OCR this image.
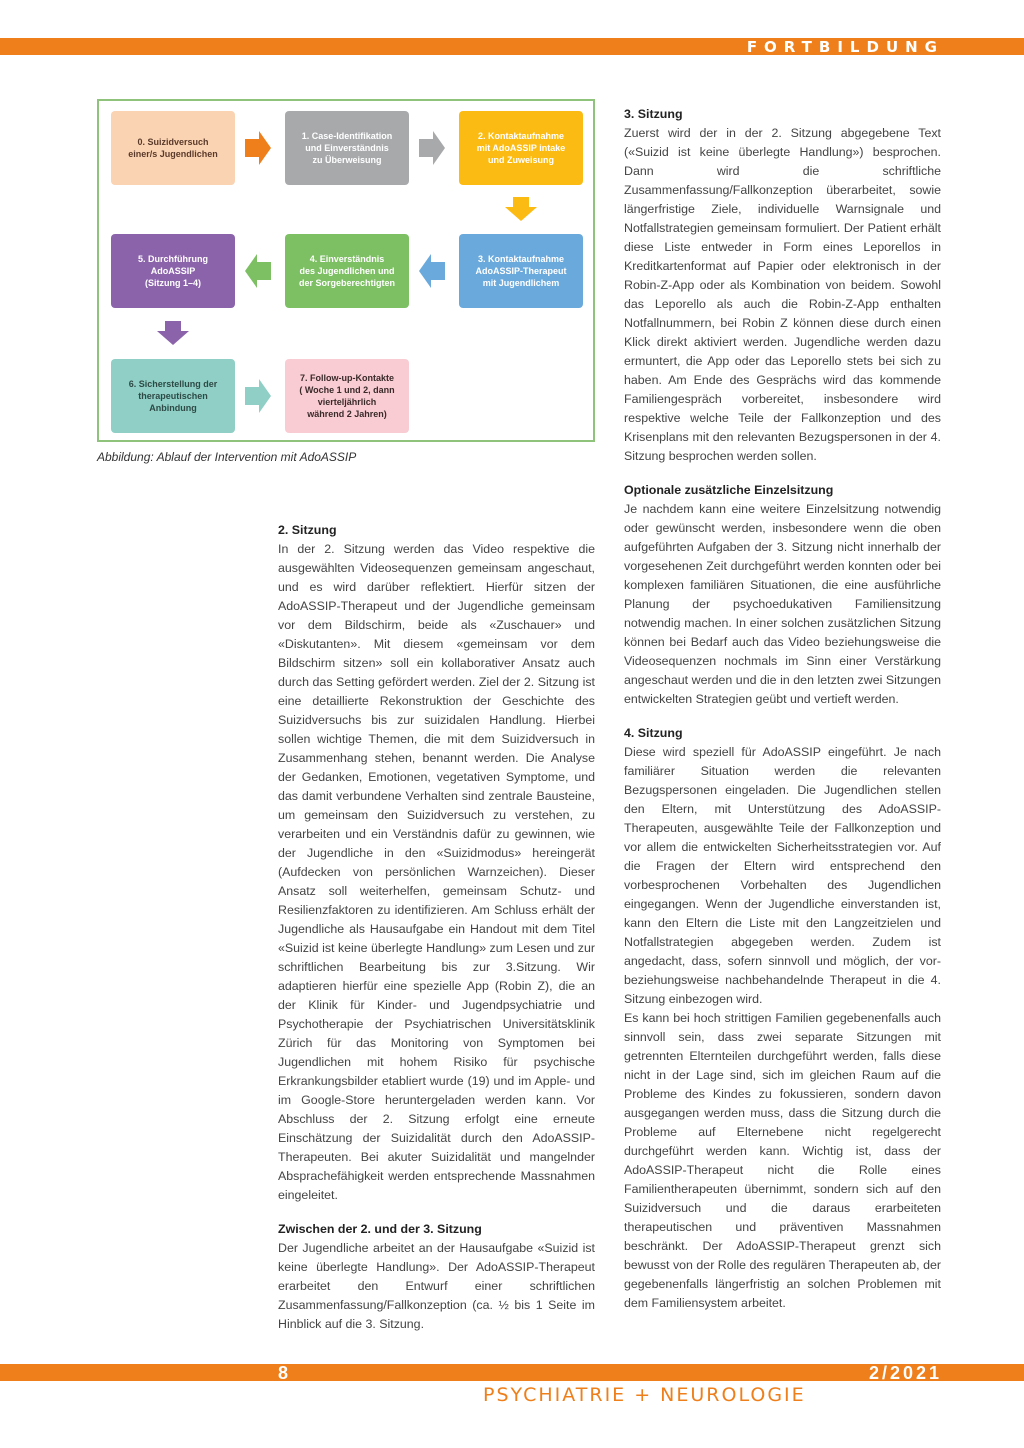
FORTBILDUNG
0. Suizidversuch
einer/s Jugendlichen
1. Case-Identifikation
und Einverständnis
zu Überweisung
2. Kontaktaufnahme
mit AdoASSIP intake
und Zuweisung
3. Kontaktaufnahme
AdoASSIP-Therapeut
mit Jugendlichem
4. Einverständnis
des Jugendlichen und
der Sorgeberechtigten
5. Durchführung
AdoASSIP
(Sitzung 1–4)
6. Sicherstellung der
therapeutischen
Anbindung
7. Follow-up-Kontakte
( Woche 1 und 2, dann
vierteljährlich
während 2 Jahren)
Abbildung: Ablauf der Intervention mit AdoASSIP
2. Sitzung

In der 2. Sitzung werden das Video respektive die ausgewählten Videosequenzen gemeinsam angeschaut, und es wird darüber reflektiert. Hierfür sitzen der AdoASSIP-Therapeut und der Jugendliche gemeinsam vor dem Bildschirm, beide als «Zuschauer» und «Diskutanten». Mit diesem «gemeinsam vor dem Bildschirm sitzen» soll ein kollaborativer Ansatz auch durch das Setting gefördert werden. Ziel der 2. Sitzung ist eine detaillierte Rekonstruktion der Geschichte des Suizidversuchs bis zur suizidalen Handlung. Hierbei sollen wichtige Themen, die mit dem Suizidversuch in Zusammenhang stehen, benannt werden. Die Analyse der Gedanken, Emotionen, vegetativen Symptome, und das damit verbundene Verhalten sind zentrale Bausteine, um gemeinsam den Suizidversuch zu verstehen, zu verarbeiten und ein Verständnis dafür zu gewinnen, wie der Jugendliche in den «Suizidmodus» hereingerät (Aufdecken von persönlichen Warnzeichen). Dieser Ansatz soll weiterhelfen, gemeinsam Schutz- und Resilienzfaktoren zu identifizieren. Am Schluss erhält der Jugendliche als Hausaufgabe ein Handout mit dem Titel «Suizid ist keine überlegte Handlung» zum Lesen und zur schriftlichen Bearbeitung bis zur 3.Sitzung. Wir adaptieren hierfür eine spezielle App (Robin Z), die an der Klinik für Kinder- und Jugendpsychiatrie und Psychotherapie der Psychiatrischen Universitätsklinik Zürich für das Monitoring von Symptomen bei Jugendlichen mit hohem Risiko für psychische Erkrankungsbilder etabliert wurde (19) und im Apple- und im Google-Store heruntergeladen werden kann. Vor Abschluss der 2. Sitzung erfolgt eine erneute Einschätzung der Suizidalität durch den AdoASSIP-Therapeuten. Bei akuter Suizidalität und mangelnder Absprachefähigkeit werden entsprechende Massnahmen eingeleitet.

Zwischen der 2. und der 3. Sitzung

Der Jugendliche arbeitet an der Hausaufgabe «Suizid ist keine überlegte Handlung». Der AdoASSIP-Therapeut erarbeitet den Entwurf einer schriftlichen Zusammenfassung/Fallkonzeption (ca. ½ bis 1 Seite im Hinblick auf die 3. Sitzung.

3. Sitzung

Zuerst wird der in der 2. Sitzung abgegebene Text («Suizid ist keine überlegte Handlung») besprochen. Dann wird die schriftliche Zusammenfassung/Fallkonzeption überarbeitet, sowie längerfristige Ziele, individuelle Warnsignale und Notfallstrategien gemeinsam formuliert. Der Patient erhält diese Liste entweder in Form eines Leporellos in Kreditkartenformat auf Papier oder elektronisch in der Robin-Z-App oder als Kombination von beidem. Sowohl das Leporello als auch die Robin-Z-App enthalten Notfallnummern, bei Robin Z können diese durch einen Klick direkt aktiviert werden. Jugendliche werden dazu ermuntert, die App oder das Leporello stets bei sich zu haben. Am Ende des Gesprächs wird das kommende Familiengespräch vorbereitet, insbesondere wird respektive welche Teile der Fallkonzeption und des Krisenplans mit den relevanten Bezugspersonen in der 4. Sitzung besprochen werden sollen.

Optionale zusätzliche Einzelsitzung

Je nachdem kann eine weitere Einzelsitzung notwendig oder gewünscht werden, insbesondere wenn die oben aufgeführten Aufgaben der 3. Sitzung nicht innerhalb der vorgesehenen Zeit durchgeführt werden konnten oder bei komplexen familiären Situationen, die eine ausführliche Planung der psychoedukativen Familiensitzung notwendig machen. In einer solchen zusätzlichen Sitzung können bei Bedarf auch das Video beziehungsweise die Videosequenzen nochmals im Sinn einer Verstärkung angeschaut werden und die in den letzten zwei Sitzungen entwickelten Strategien geübt und vertieft werden.

4. Sitzung

Diese wird speziell für AdoASSIP eingeführt. Je nach familiärer Situation werden die relevanten Bezugspersonen eingeladen. Die Jugendlichen stellen den Eltern, mit Unterstützung des AdoASSIP-Therapeuten, ausgewählte Teile der Fallkonzeption und vor allem die entwickelten Sicherheitsstrategien vor. Auf die Fragen der Eltern wird entsprechend den vorbesprochenen Vorbehalten des Jugendlichen eingegangen. Wenn der Jugendliche einverstanden ist, kann den Eltern die Liste mit den Langzeitzielen und Notfallstrategien abgegeben werden. Zudem ist angedacht, dass, sofern sinnvoll und möglich, der vor- beziehungsweise nachbehandelnde Therapeut in die 4. Sitzung einbezogen wird.

Es kann bei hoch strittigen Familien gegebenenfalls auch sinnvoll sein, dass zwei separate Sitzungen mit getrennten Elternteilen durchgeführt werden, falls diese nicht in der Lage sind, sich im gleichen Raum auf die Probleme des Kindes zu fokussieren, sondern davon ausgegangen werden muss, dass die Sitzung durch die Probleme auf Elternebene nicht regelgerecht durchgeführt werden kann. Wichtig ist, dass der AdoASSIP-Therapeut nicht die Rolle eines Familientherapeuten übernimmt, sondern sich auf den Suizidversuch und die daraus erarbeiteten therapeutischen und präventiven Massnahmen beschränkt. Der AdoASSIP-Therapeut grenzt sich bewusst von der Rolle des regulären Therapeuten ab, der gegebenenfalls längerfristig an solchen Problemen mit dem Familiensystem arbeitet.

8	2/2021
PSYCHIATRIE + NEUROLOGIE
